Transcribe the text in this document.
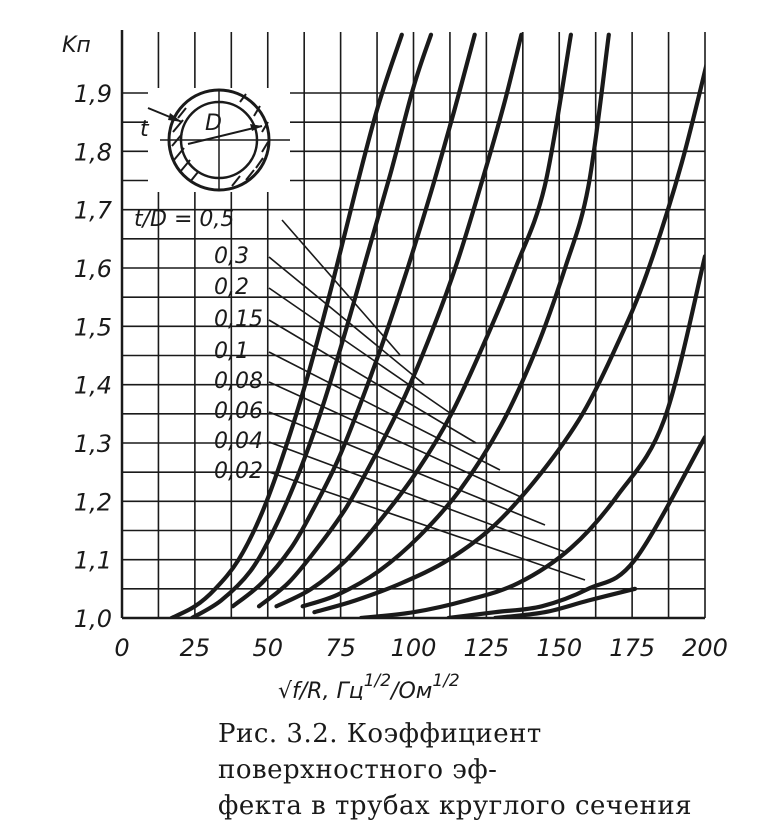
t/D = 0,5
0,3
0,2
0,15
0,1
0,08
0,06
0,04
0,02
1,0
1,1
1,2
1,3
1,4
1,5
1,6
1,7
1,8
1,9
0 25 50 75 100 125 150 175 200
Kп
√f/R, $Гц^{1/2}/Ом^{1/2}$
t	D
Рис. 3.2. Коэффициент поверхностного эф-
фекта в трубах круглого сечения
